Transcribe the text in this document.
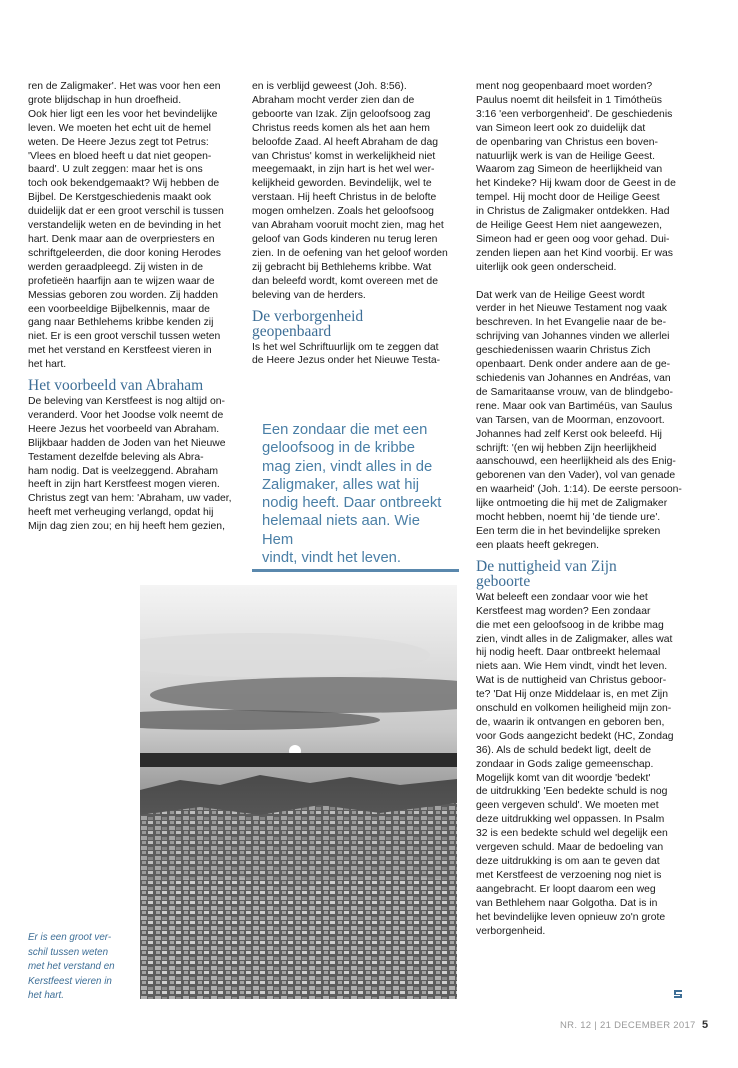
ren de Zaligmaker'. Het was voor hen een
grote blijdschap in hun droefheid.
Ook hier ligt een les voor het bevindelijke
leven. We moeten het echt uit de hemel
weten. De Heere Jezus zegt tot Petrus:
'Vlees en bloed heeft u dat niet geopen-
baard'. U zult zeggen: maar het is ons
toch ook bekendgemaakt? Wij hebben de
Bijbel. De Kerstgeschiedenis maakt ook
duidelijk dat er een groot verschil is tussen
verstandelijk weten en de bevinding in het
hart. Denk maar aan de overpriesters en
schriftgeleerden, die door koning Herodes
werden geraadpleegd. Zij wisten in de
profetieën haarfijn aan te wijzen waar de
Messias geboren zou worden. Zij hadden
een voorbeeldige Bijbelkennis, maar de
gang naar Bethlehems kribbe kenden zij
niet. Er is een groot verschil tussen weten
met het verstand en Kerstfeest vieren in
het hart.

Het voorbeeld van Abraham

De beleving van Kerstfeest is nog altijd on-
veranderd. Voor het Joodse volk neemt de
Heere Jezus het voorbeeld van Abraham.
Blijkbaar hadden de Joden van het Nieuwe
Testament dezelfde beleving als Abra-
ham nodig. Dat is veelzeggend. Abraham
heeft in zijn hart Kerstfeest mogen vieren.
Christus zegt van hem: 'Abraham, uw vader,
heeft met verheuging verlangd, opdat hij
Mijn dag zien zou; en hij heeft hem gezien,

en is verblijd geweest (Joh. 8:56).
Abraham mocht verder zien dan de
geboorte van Izak. Zijn geloofsoog zag
Christus reeds komen als het aan hem
beloofde Zaad. Al heeft Abraham de dag
van Christus' komst in werkelijkheid niet
meegemaakt, in zijn hart is het wel wer-
kelijkheid geworden. Bevindelijk, wel te
verstaan. Hij heeft Christus in de belofte
mogen omhelzen. Zoals het geloofsoog
van Abraham vooruit mocht zien, mag het
geloof van Gods kinderen nu terug leren
zien. In de oefening van het geloof worden
zij gebracht bij Bethlehems kribbe. Wat
dan beleefd wordt, komt overeen met de
beleving van de herders.

De verborgenheid
geopenbaard

Is het wel Schriftuurlijk om te zeggen dat
de Heere Jezus onder het Nieuwe Testa-

Een zondaar die met een
geloofsoog in de kribbe
mag zien, vindt alles in de
Zaligmaker, alles wat hij
nodig heeft. Daar ontbreekt
helemaal niets aan. Wie Hem
vindt, vindt het leven.

ment nog geopenbaard moet worden?
Paulus noemt dit heilsfeit in 1 Timótheüs
3:16 'een verborgenheid'. De geschiedenis
van Simeon leert ook zo duidelijk dat
de openbaring van Christus een boven-
natuurlijk werk is van de Heilige Geest.
Waarom zag Simeon de heerlijkheid van
het Kindeke? Hij kwam door de Geest in de
tempel. Hij mocht door de Heilige Geest
in Christus de Zaligmaker ontdekken. Had
de Heilige Geest Hem niet aangewezen,
Simeon had er geen oog voor gehad. Dui-
zenden liepen aan het Kind voorbij. Er was
uiterlijk ook geen onderscheid.

Dat werk van de Heilige Geest wordt
verder in het Nieuwe Testament nog vaak
beschreven. In het Evangelie naar de be-
schrijving van Johannes vinden we allerlei
geschiedenissen waarin Christus Zich
openbaart. Denk onder andere aan de ge-
schiedenis van Johannes en Andréas, van
de Samaritaanse vrouw, van de blindgebo-
rene. Maar ook van Bartiméüs, van Saulus
van Tarsen, van de Moorman, enzovoort.
Johannes had zelf Kerst ook beleefd. Hij
schrijft: '(en wij hebben Zijn heerlijkheid
aanschouwd, een heerlijkheid als des Enig-
geborenen van den Vader), vol van genade
en waarheid' (Joh. 1:14). De eerste persoon-
lijke ontmoeting die hij met de Zaligmaker
mocht hebben, noemt hij 'de tiende ure'.
Een term die in het bevindelijke spreken
een plaats heeft gekregen.

De nuttigheid van Zijn
geboorte

Wat beleeft een zondaar voor wie het
Kerstfeest mag worden? Een zondaar
die met een geloofsoog in de kribbe mag
zien, vindt alles in de Zaligmaker, alles wat
hij nodig heeft. Daar ontbreekt helemaal
niets aan. Wie Hem vindt, vindt het leven.
Wat is de nuttigheid van Christus geboor-
te? 'Dat Hij onze Middelaar is, en met Zijn
onschuld en volkomen heiligheid mijn zon-
de, waarin ik ontvangen en geboren ben,
voor Gods aangezicht bedekt (HC, Zondag
36). Als de schuld bedekt ligt, deelt de
zondaar in Gods zalige gemeenschap.
Mogelijk komt van dit woordje 'bedekt'
de uitdrukking 'Een bedekte schuld is nog
geen vergeven schuld'. We moeten met
deze uitdrukking wel oppassen. In Psalm
32 is een bedekte schuld wel degelijk een
vergeven schuld. Maar de bedoeling van
deze uitdrukking is om aan te geven dat
met Kerstfeest de verzoening nog niet is
aangebracht. Er loopt daarom een weg
van Bethlehem naar Golgotha. Dat is in
het bevindelijke leven opnieuw zo'n grote
verborgenheid.

Er is een groot ver-
schil tussen weten
met het verstand en
Kerstfeest vieren in
het hart.
NR. 12 | 21 DECEMBER 2017 5
